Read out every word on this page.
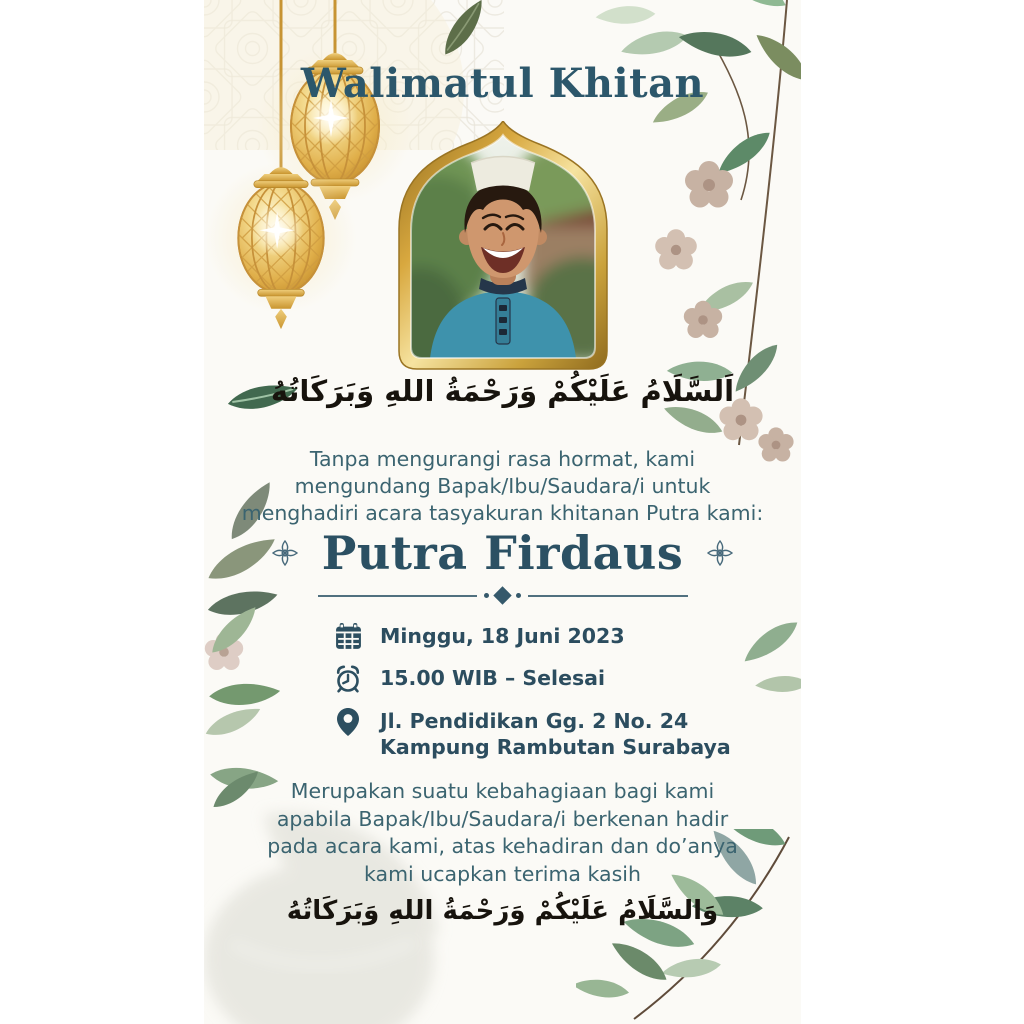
Walimatul Khitan
اَلسَّلَامُ عَلَيْكُمْ وَرَحْمَةُ اللهِ وَبَرَكَاتُهُ
Tanpa mengurangi rasa hormat, kami
mengundang Bapak/Ibu/Saudara/i untuk
menghadiri acara tasyakuran khitanan Putra kami:
Putra Firdaus
Minggu, 18 Juni 2023
15.00 WIB – Selesai
Jl. Pendidikan Gg. 2 No. 24
Kampung Rambutan Surabaya
Merupakan suatu kebahagiaan bagi kami
apabila Bapak/Ibu/Saudara/i berkenan hadir
pada acara kami, atas kehadiran dan do’anya
kami ucapkan terima kasih
وَالسَّلَامُ عَلَيْكُمْ وَرَحْمَةُ اللهِ وَبَرَكَاتُهُ
